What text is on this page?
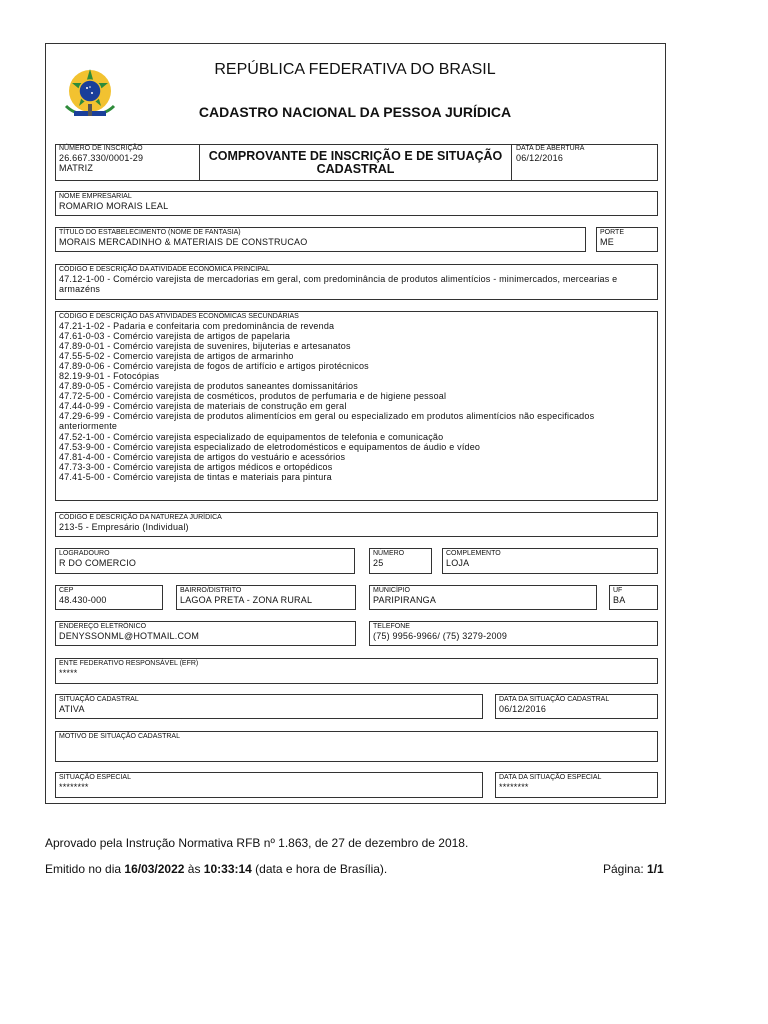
REPÚBLICA FEDERATIVA DO BRASIL
CADASTRO NACIONAL DA PESSOA JURÍDICA
NÚMERO DE INSCRIÇÃO
26.667.330/0001-29
MATRIZ
COMPROVANTE DE INSCRIÇÃO E DE SITUAÇÃO CADASTRAL
DATA DE ABERTURA
06/12/2016
NOME EMPRESARIAL
ROMARIO MORAIS LEAL
TÍTULO DO ESTABELECIMENTO (NOME DE FANTASIA)
MORAIS MERCADINHO & MATERIAIS DE CONSTRUCAO
PORTE
ME
CÓDIGO E DESCRIÇÃO DA ATIVIDADE ECONÔMICA PRINCIPAL
47.12-1-00 - Comércio varejista de mercadorias em geral, com predominância de produtos alimentícios - minimercados, mercearias e armazéns
CÓDIGO E DESCRIÇÃO DAS ATIVIDADES ECONÔMICAS SECUNDÁRIAS
47.21-1-02 - Padaria e confeitaria com predominância de revenda
47.61-0-03 - Comércio varejista de artigos de papelaria
47.89-0-01 - Comércio varejista de suvenires, bijuterias e artesanatos
47.55-5-02 - Comercio varejista de artigos de armarinho
47.89-0-06 - Comércio varejista de fogos de artifício e artigos pirotécnicos
82.19-9-01 - Fotocópias
47.89-0-05 - Comércio varejista de produtos saneantes domissanitários
47.72-5-00 - Comércio varejista de cosméticos, produtos de perfumaria e de higiene pessoal
47.44-0-99 - Comércio varejista de materiais de construção em geral
47.29-6-99 - Comércio varejista de produtos alimentícios em geral ou especializado em produtos alimentícios não especificados anteriormente
47.52-1-00 - Comércio varejista especializado de equipamentos de telefonia e comunicação
47.53-9-00 - Comércio varejista especializado de eletrodomésticos e equipamentos de áudio e vídeo
47.81-4-00 - Comércio varejista de artigos do vestuário e acessórios
47.73-3-00 - Comércio varejista de artigos médicos e ortopédicos
47.41-5-00 - Comércio varejista de tintas e materiais para pintura
CÓDIGO E DESCRIÇÃO DA NATUREZA JURÍDICA
213-5 - Empresário (Individual)
LOGRADOURO
R DO COMERCIO
NÚMERO
25
COMPLEMENTO
LOJA
CEP
48.430-000
BAIRRO/DISTRITO
LAGOA PRETA - ZONA RURAL
MUNICÍPIO
PARIPIRANGA
UF
BA
ENDEREÇO ELETRÔNICO
DENYSSONML@HOTMAIL.COM
TELEFONE
(75) 9956-9966/ (75) 3279-2009
ENTE FEDERATIVO RESPONSÁVEL (EFR)
*****
SITUAÇÃO CADASTRAL
ATIVA
DATA DA SITUAÇÃO CADASTRAL
06/12/2016
MOTIVO DE SITUAÇÃO CADASTRAL
SITUAÇÃO ESPECIAL
********
DATA DA SITUAÇÃO ESPECIAL
********
Aprovado pela Instrução Normativa RFB nº 1.863, de 27 de dezembro de 2018.
Emitido no dia 16/03/2022 às 10:33:14 (data e hora de Brasília).	Página: 1/1
